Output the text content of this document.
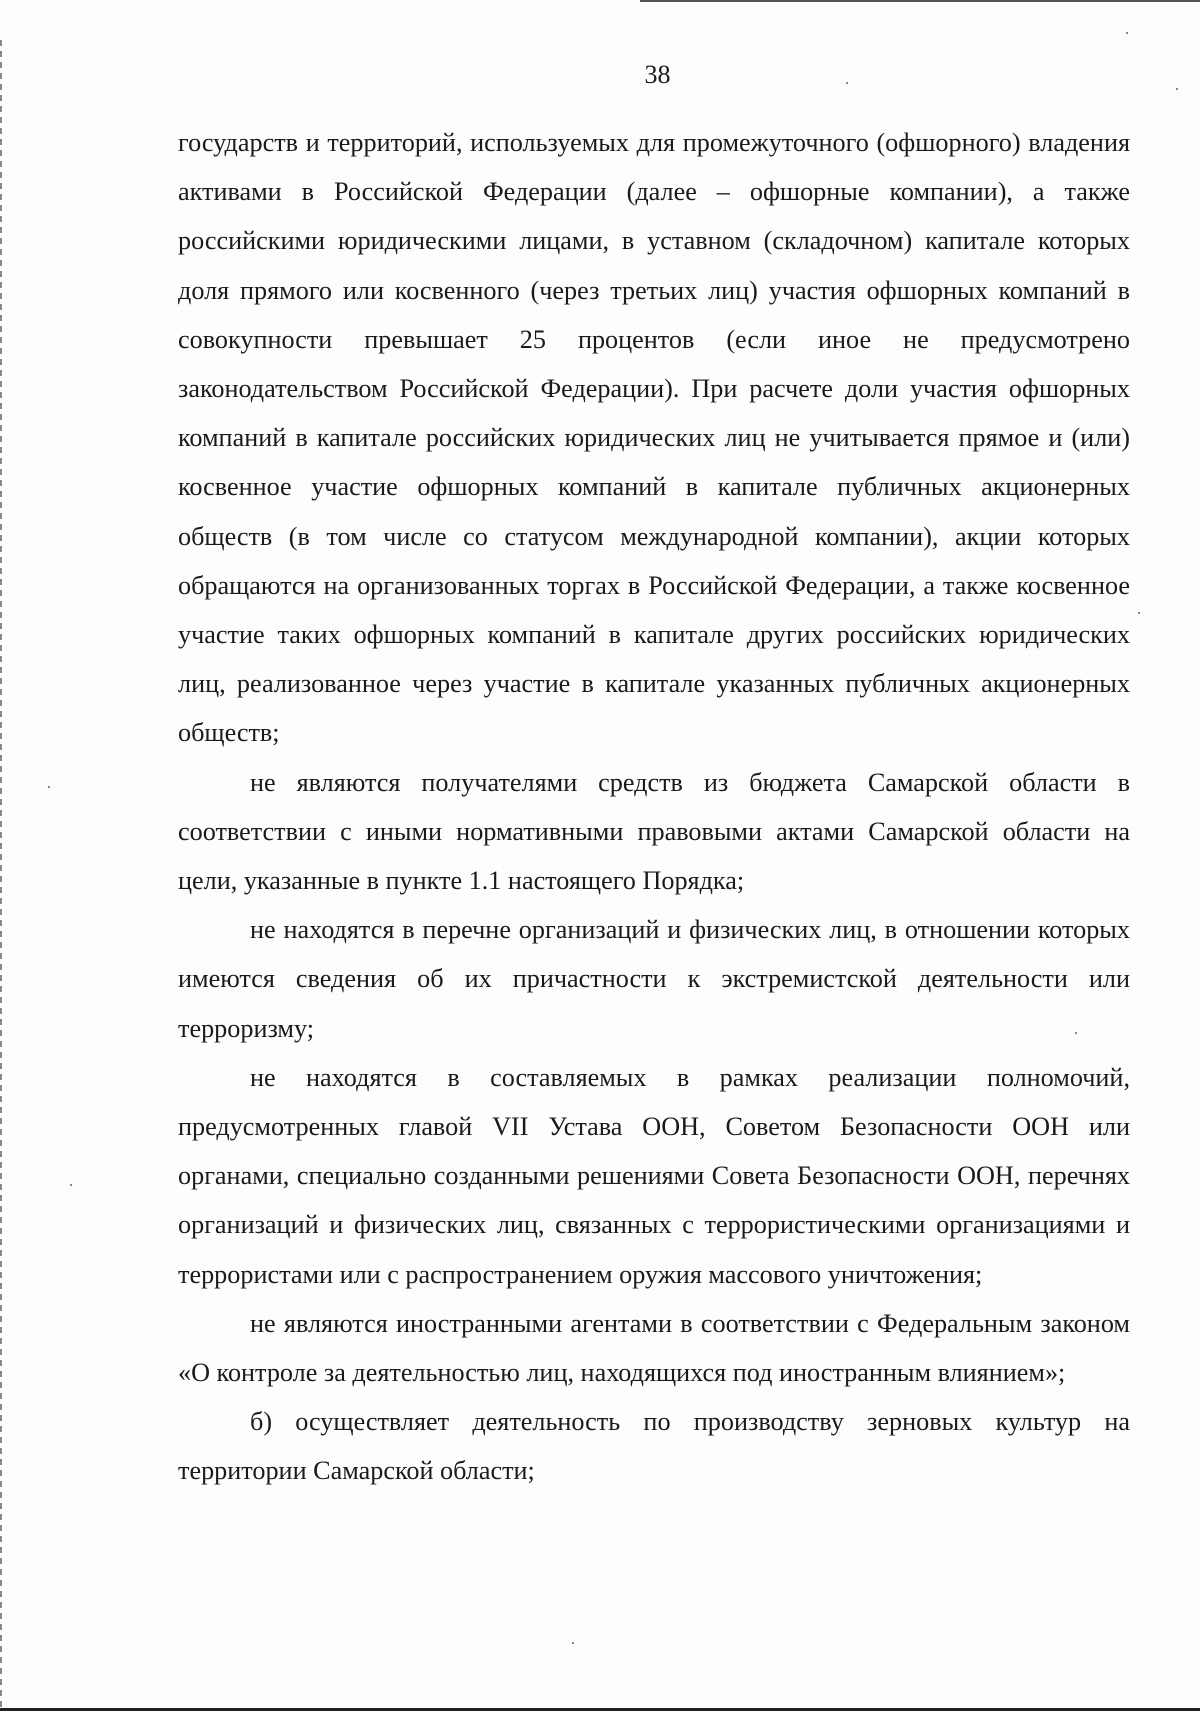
38

государств и территорий, используемых для промежуточного (офшорного) владения активами в Российской Федерации (далее – офшорные компании), а также российскими юридическими лицами, в уставном (складочном) капитале которых доля прямого или косвенного (через третьих лиц) участия офшорных компаний в совокупности превышает 25 процентов (если иное не предусмотрено законодательством Российской Федерации). При расчете доли участия офшорных компаний в капитале российских юридических лиц не учитывается прямое и (или) косвенное участие офшорных компаний в капитале публичных акционерных обществ (в том числе со статусом международной компании), акции которых обращаются на организованных торгах в Российской Федерации, а также косвенное участие таких офшорных компаний в капитале других российских юридических лиц, реализованное через участие в капитале указанных публичных акционерных обществ;

не являются получателями средств из бюджета Самарской области в соответствии с иными нормативными правовыми актами Самарской области на цели, указанные в пункте 1.1 настоящего Порядка;

не находятся в перечне организаций и физических лиц, в отношении которых имеются сведения об их причастности к экстремистской деятельности или терроризму;

не находятся в составляемых в рамках реализации полномочий, предусмотренных главой VII Устава ООН, Советом Безопасности ООН или органами, специально созданными решениями Совета Безопасности ООН, перечнях организаций и физических лиц, связанных с террористическими организациями и террористами или с распространением оружия массового уничтожения;

не являются иностранными агентами в соответствии с Федеральным законом «О контроле за деятельностью лиц, находящихся под иностранным влиянием»;

б) осуществляет деятельность по производству зерновых культур на территории Самарской области;
